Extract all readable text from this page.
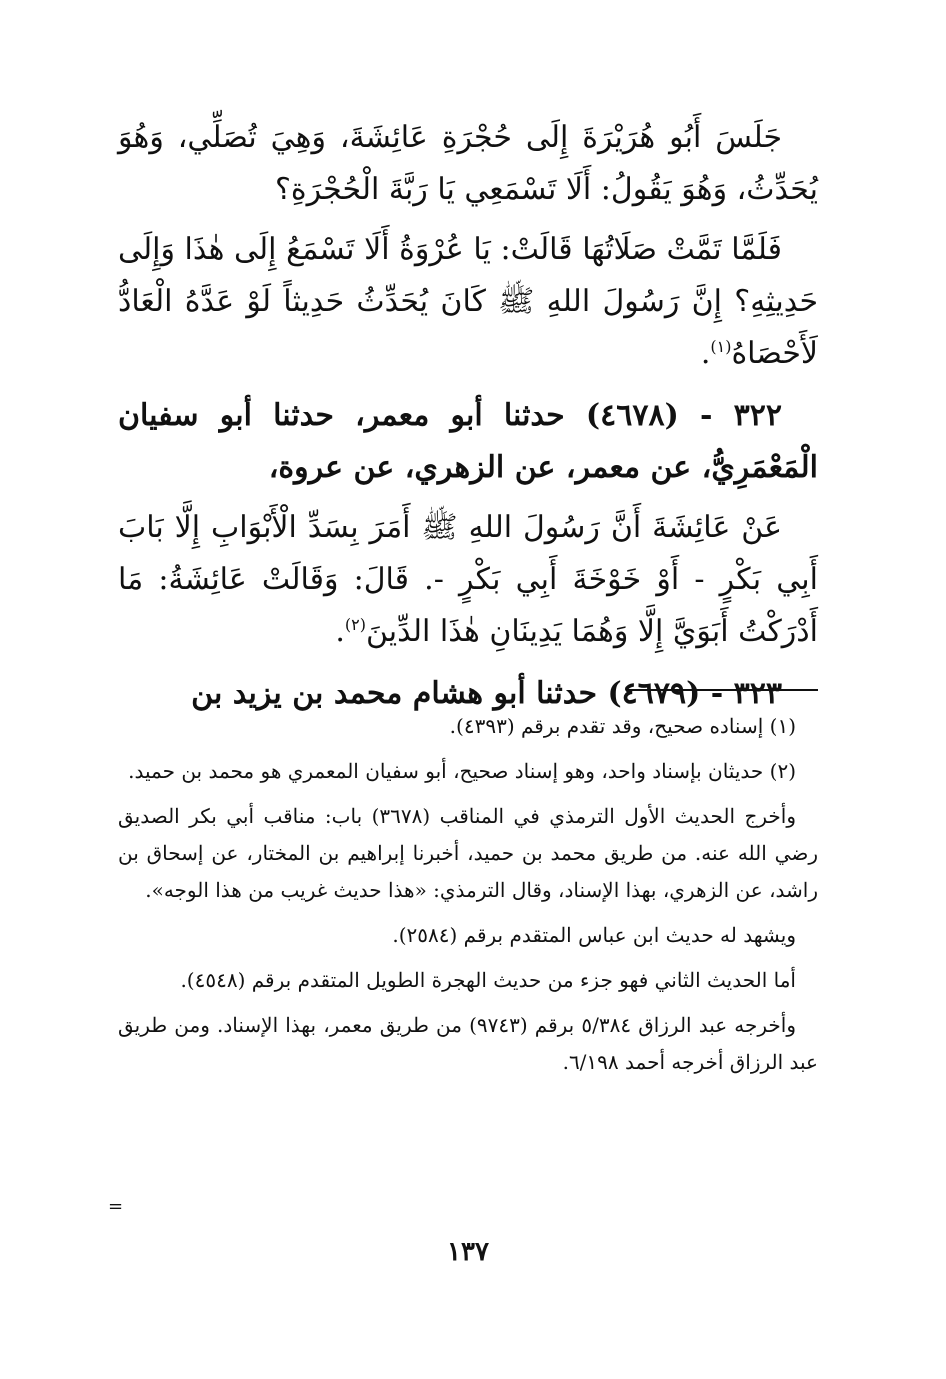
جَلَسَ أَبُو هُرَيْرَةَ إِلَى حُجْرَةِ عَائِشَةَ، وَهِيَ تُصَلِّي، وَهُوَ يُحَدِّثُ، وَهُوَ يَقُولُ: أَلَا تَسْمَعِي يَا رَبَّةَ الْحُجْرَةِ؟

فَلَمَّا تَمَّتْ صَلَاتُهَا قَالَتْ: يَا عُرْوَةُ أَلَا تَسْمَعُ إِلَى هٰذَا وَإِلَى حَدِيثِهِ؟ إِنَّ رَسُولَ اللهِ ﷺ كَانَ يُحَدِّثُ حَدِيثاً لَوْ عَدَّهُ الْعَادُّ لَأَحْصَاهُ$^{(١)}$.

٣٢٢ - (٤٦٧٨) حدثنا أبو معمر، حدثنا أبو سفيان الْمَعْمَرِيُّ، عن معمر، عن الزهري، عن عروة،

عَنْ عَائِشَةَ أَنَّ رَسُولَ اللهِ ﷺ أَمَرَ بِسَدِّ الْأَبْوَابِ إِلَّا بَابَ أَبِي بَكْرٍ - أَوْ خَوْخَةَ أَبِي بَكْرٍ -. قَالَ: وَقَالَتْ عَائِشَةُ: مَا أَدْرَكْتُ أَبَوَيَّ إِلَّا وَهُمَا يَدِينَانِ هٰذَا الدِّينَ$^{(٢)}$.

٣٢٣ - (٤٦٧٩) حدثنا أبو هشام محمد بن يزيد بن

(١) إسناده صحيح، وقد تقدم برقم (٤٣٩٣).

(٢) حديثان بإسناد واحد، وهو إسناد صحيح، أبو سفيان المعمري هو محمد بن حميد.

وأخرج الحديث الأول الترمذي في المناقب (٣٦٧٨) باب: مناقب أبي بكر الصديق رضي الله عنه. من طريق محمد بن حميد، أخبرنا إبراهيم بن المختار، عن إسحاق بن راشد، عن الزهري، بهذا الإسناد، وقال الترمذي: «هذا حديث غريب من هذا الوجه».

ويشهد له حديث ابن عباس المتقدم برقم (٢٥٨٤).

أما الحديث الثاني فهو جزء من حديث الهجرة الطويل المتقدم برقم (٤٥٤٨).

وأخرجه عبد الرزاق ٥/٣٨٤ برقم (٩٧٤٣) من طريق معمر، بهذا الإسناد. ومن طريق عبد الرزاق أخرجه أحمد ٦/١٩٨.

١٣٧
=
